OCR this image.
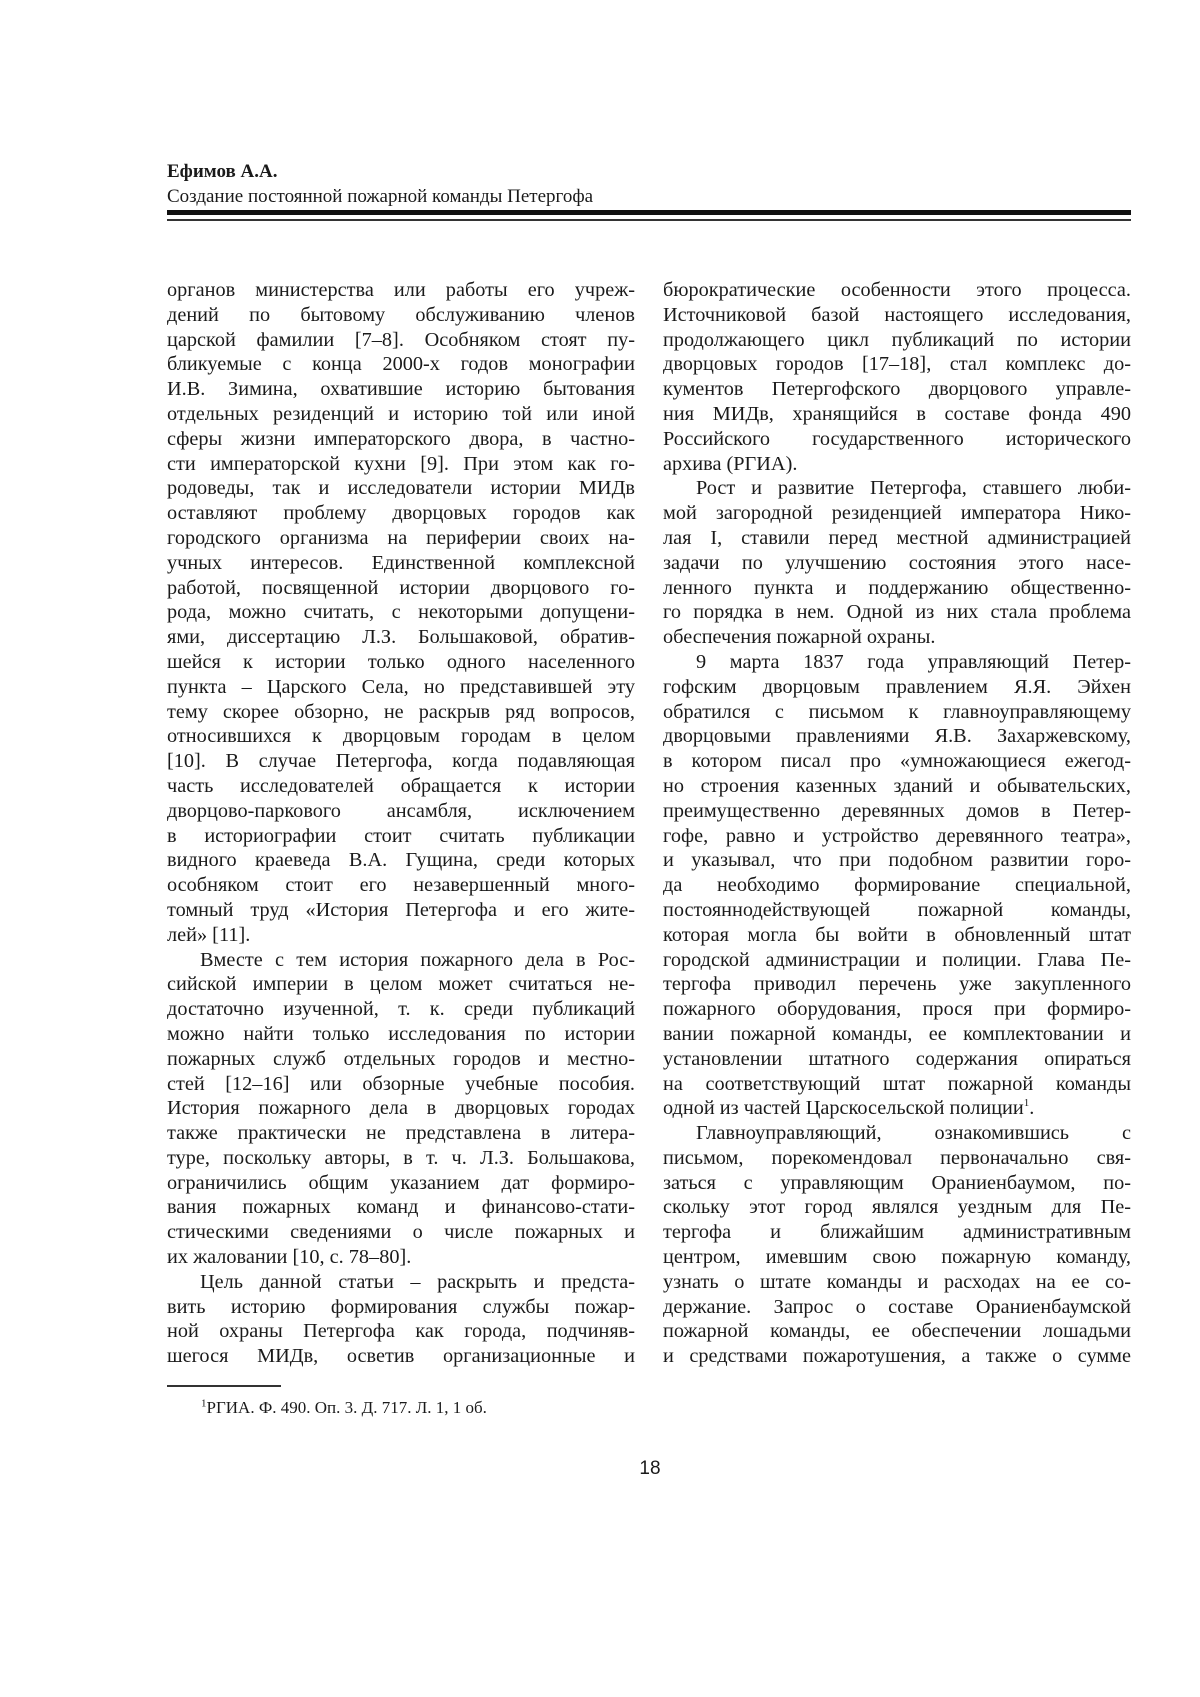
Ефимов А.А.
Создание постоянной пожарной команды Петергофа
органов министерства или работы его учреж-
дений по бытовому обслуживанию членов
царской фамилии [7–8]. Особняком стоят пу-
бликуемые с конца 2000-х годов монографии
И.В. Зимина, охватившие историю бытования
отдельных резиденций и историю той или иной
сферы жизни императорского двора, в частно-
сти императорской кухни [9]. При этом как го-
родоведы, так и исследователи истории МИДв
оставляют проблему дворцовых городов как
городского организма на периферии своих на-
учных интересов. Единственной комплексной
работой, посвященной истории дворцового го-
рода, можно считать, с некоторыми допущени-
ями, диссертацию Л.З. Большаковой, обратив-
шейся к истории только одного населенного
пункта – Царского Села, но представившей эту
тему скорее обзорно, не раскрыв ряд вопросов,
относившихся к дворцовым городам в целом
[10]. В случае Петергофа, когда подавляющая
часть исследователей обращается к истории
дворцово-паркового ансамбля, исключением
в историографии стоит считать публикации
видного краеведа В.А. Гущина, среди которых
особняком стоит его незавершенный много-
томный труд «История Петергофа и его жите-
лей» [11].
Вместе с тем история пожарного дела в Рос-
сийской империи в целом может считаться не-
достаточно изученной, т. к. среди публикаций
можно найти только исследования по истории
пожарных служб отдельных городов и местно-
стей [12–16] или обзорные учебные пособия.
История пожарного дела в дворцовых городах
также практически не представлена в литера-
туре, поскольку авторы, в т. ч. Л.З. Большакова,
ограничились общим указанием дат формиро-
вания пожарных команд и финансово-стати-
стическими сведениями о числе пожарных и
их жаловании [10, с. 78–80].
Цель данной статьи – раскрыть и предста-
вить историю формирования службы пожар-
ной охраны Петергофа как города, подчиняв-
шегося МИДв, осветив организационные и
бюрократические особенности этого процесса.
Источниковой базой настоящего исследования,
продолжающего цикл публикаций по истории
дворцовых городов [17–18], стал комплекс до-
кументов Петергофского дворцового управле-
ния МИДв, хранящийся в составе фонда 490
Российского государственного исторического
архива (РГИА).
Рост и развитие Петергофа, ставшего люби-
мой загородной резиденцией императора Нико-
лая I, ставили перед местной администрацией
задачи по улучшению состояния этого насе-
ленного пункта и поддержанию общественно-
го порядка в нем. Одной из них стала проблема
обеспечения пожарной охраны.
9 марта 1837 года управляющий Петер-
гофским дворцовым правлением Я.Я. Эйхен
обратился с письмом к главноуправляющему
дворцовыми правлениями Я.В. Захаржевскому,
в котором писал про «умножающиеся ежегод-
но строения казенных зданий и обывательских,
преимущественно деревянных домов в Петер-
гофе, равно и устройство деревянного театра»,
и указывал, что при подобном развитии горо-
да необходимо формирование специальной,
постояннодействующей пожарной команды,
которая могла бы войти в обновленный штат
городской администрации и полиции. Глава Пе-
тергофа приводил перечень уже закупленного
пожарного оборудования, прося при формиро-
вании пожарной команды, ее комплектовании и
установлении штатного содержания опираться
на соответствующий штат пожарной команды
одной из частей Царскосельской полиции1.
Главноуправляющий, ознакомившись с
письмом, порекомендовал первоначально свя-
заться с управляющим Ораниенбаумом, по-
скольку этот город являлся уездным для Пе-
тергофа и ближайшим административным
центром, имевшим свою пожарную команду,
узнать о штате команды и расходах на ее со-
держание. Запрос о составе Ораниенбаумской
пожарной команды, ее обеспечении лошадьми
и средствами пожаротушения, а также о сумме
1РГИА. Ф. 490. Оп. 3. Д. 717. Л. 1, 1 об.
18
